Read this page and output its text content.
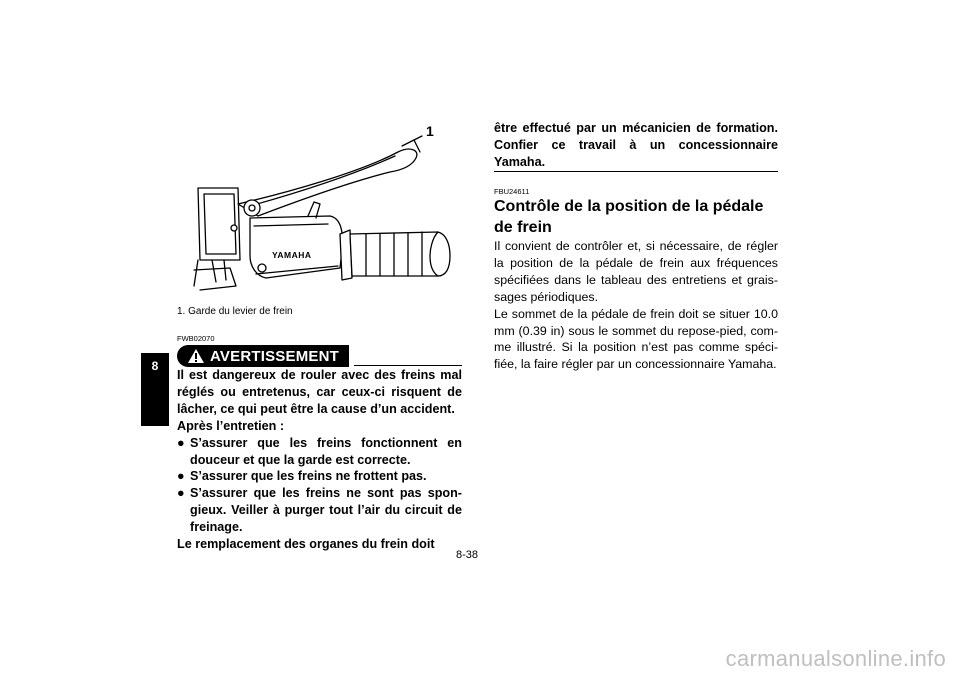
8
1
YAMAHA
1. Garde du levier de frein
FWB02070
AVERTISSEMENT

Il est dangereux de rouler avec des freins mal réglés ou entretenus, car ceux-ci risquent de lâcher, ce qui peut être la cause d’un accident.

Après l’entretien :

● S’assurer que les freins fonctionnent en douceur et que la garde est correcte.
● S’assurer que les freins ne frottent pas.
● S’assurer que les freins ne sont pas spon-gieux. Veiller à purger tout l’air du circuit de freinage.

Le remplacement des organes du frein doit

être effectué par un mécanicien de formation. Confier ce travail à un concessionnaire Yamaha.
FBU24611
Contrôle de la position de la pédale de frein

Il convient de contrôler et, si nécessaire, de régler la position de la pédale de frein aux fréquences spécifiées dans le tableau des entretiens et grais-sages périodiques.

Le sommet de la pédale de frein doit se situer 10.0 mm (0.39 in) sous le sommet du repose-pied, com-me illustré. Si la position n’est pas comme spéci-fiée, la faire régler par un concessionnaire Yamaha.

8-38
carmanualsonline.info
